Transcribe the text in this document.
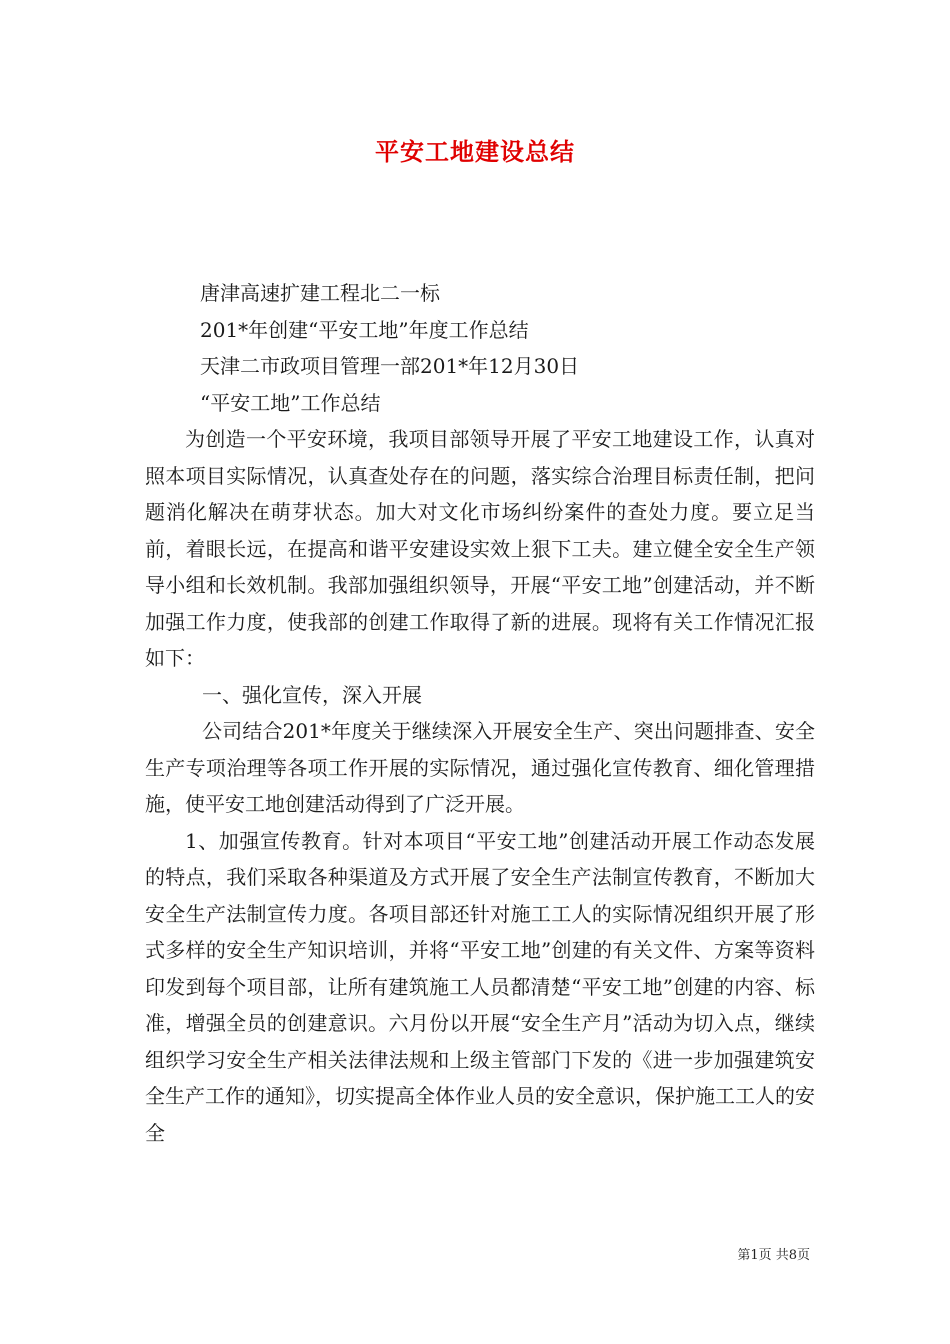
平安工地建设总结

唐津高速扩建工程北二一标

201*年创建“平安工地”年度工作总结

天津二市政项目管理一部201*年12月30日

“平安工地”工作总结

为创造一个平安环境，我项目部领导开展了平安工地建设工作，认真对照本项目实际情况，认真查处存在的问题，落实综合治理目标责任制，把问题消化解决在萌芽状态。加大对文化市场纠纷案件的查处力度。要立足当前，着眼长远，在提高和谐平安建设实效上狠下工夫。建立健全安全生产领导小组和长效机制。我部加强组织领导，开展“平安工地”创建活动，并不断加强工作力度，使我部的创建工作取得了新的进展。现将有关工作情况汇报如下：

一、强化宣传，深入开展

公司结合201*年度关于继续深入开展安全生产、突出问题排查、安全生产专项治理等各项工作开展的实际情况，通过强化宣传教育、细化管理措施，使平安工地创建活动得到了广泛开展。

1、加强宣传教育。针对本项目“平安工地”创建活动开展工作动态发展的特点，我们采取各种渠道及方式开展了安全生产法制宣传教育，不断加大安全生产法制宣传力度。各项目部还针对施工工人的实际情况组织开展了形式多样的安全生产知识培训，并将“平安工地”创建的有关文件、方案等资料印发到每个项目部，让所有建筑施工人员都清楚“平安工地”创建的内容、标准，增强全员的创建意识。六月份以开展“安全生产月”活动为切入点，继续组织学习安全生产相关法律法规和上级主管部门下发的《进一步加强建筑安全生产工作的通知》，切实提高全体作业人员的安全意识，保护施工工人的安全

第1页 共8页
